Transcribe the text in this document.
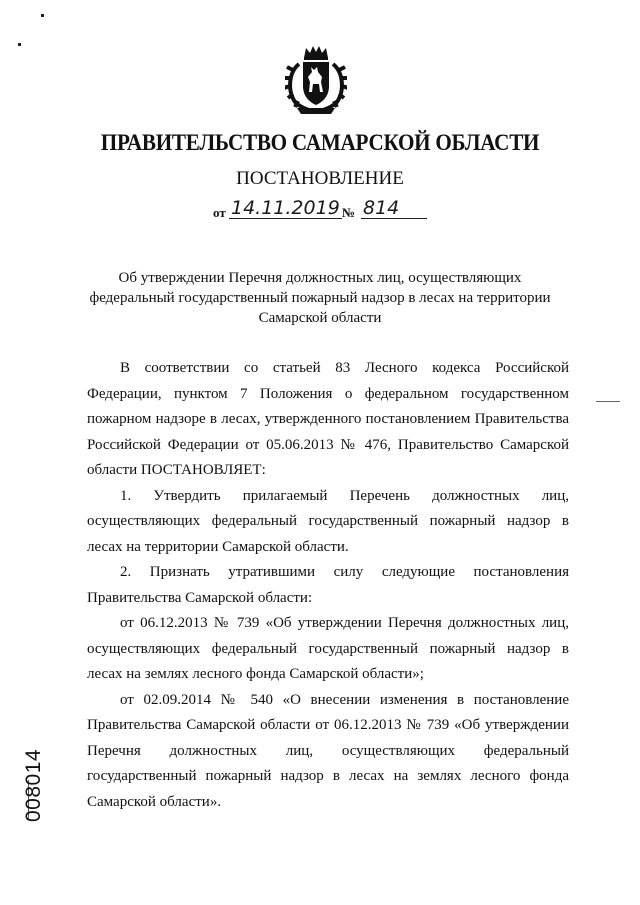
ПРАВИТЕЛЬСТВО САМАРСКОЙ ОБЛАСТИ
ПОСТАНОВЛЕНИЕ
от 14.11.2019 № 814
Об утверждении Перечня должностных лиц, осуществляющих федеральный государственный пожарный надзор в лесах на территории Самарской области

В соответствии со статьей 83 Лесного кодекса Российской Федерации, пунктом 7 Положения о федеральном государственном пожарном надзоре в лесах, утвержденного постановлением Правительства Российской Федерации от 05.06.2013 № 476, Правительство Самарской области ПОСТАНОВЛЯЕТ:

1. Утвердить прилагаемый Перечень должностных лиц, осуществляющих федеральный государственный пожарный надзор в лесах на территории Самарской области.

2. Признать утратившими силу следующие постановления Правительства Самарской области:

от 06.12.2013 № 739 «Об утверждении Перечня должностных лиц, осуществляющих федеральный государственный пожарный надзор в лесах на землях лесного фонда Самарской области»;

от 02.09.2014 № 540 «О внесении изменения в постановление Правительства Самарской области от 06.12.2013 № 739 «Об утверждении Перечня должностных лиц, осуществляющих федеральный государственный пожарный надзор в лесах на землях лесного фонда Самарской области».

008014
